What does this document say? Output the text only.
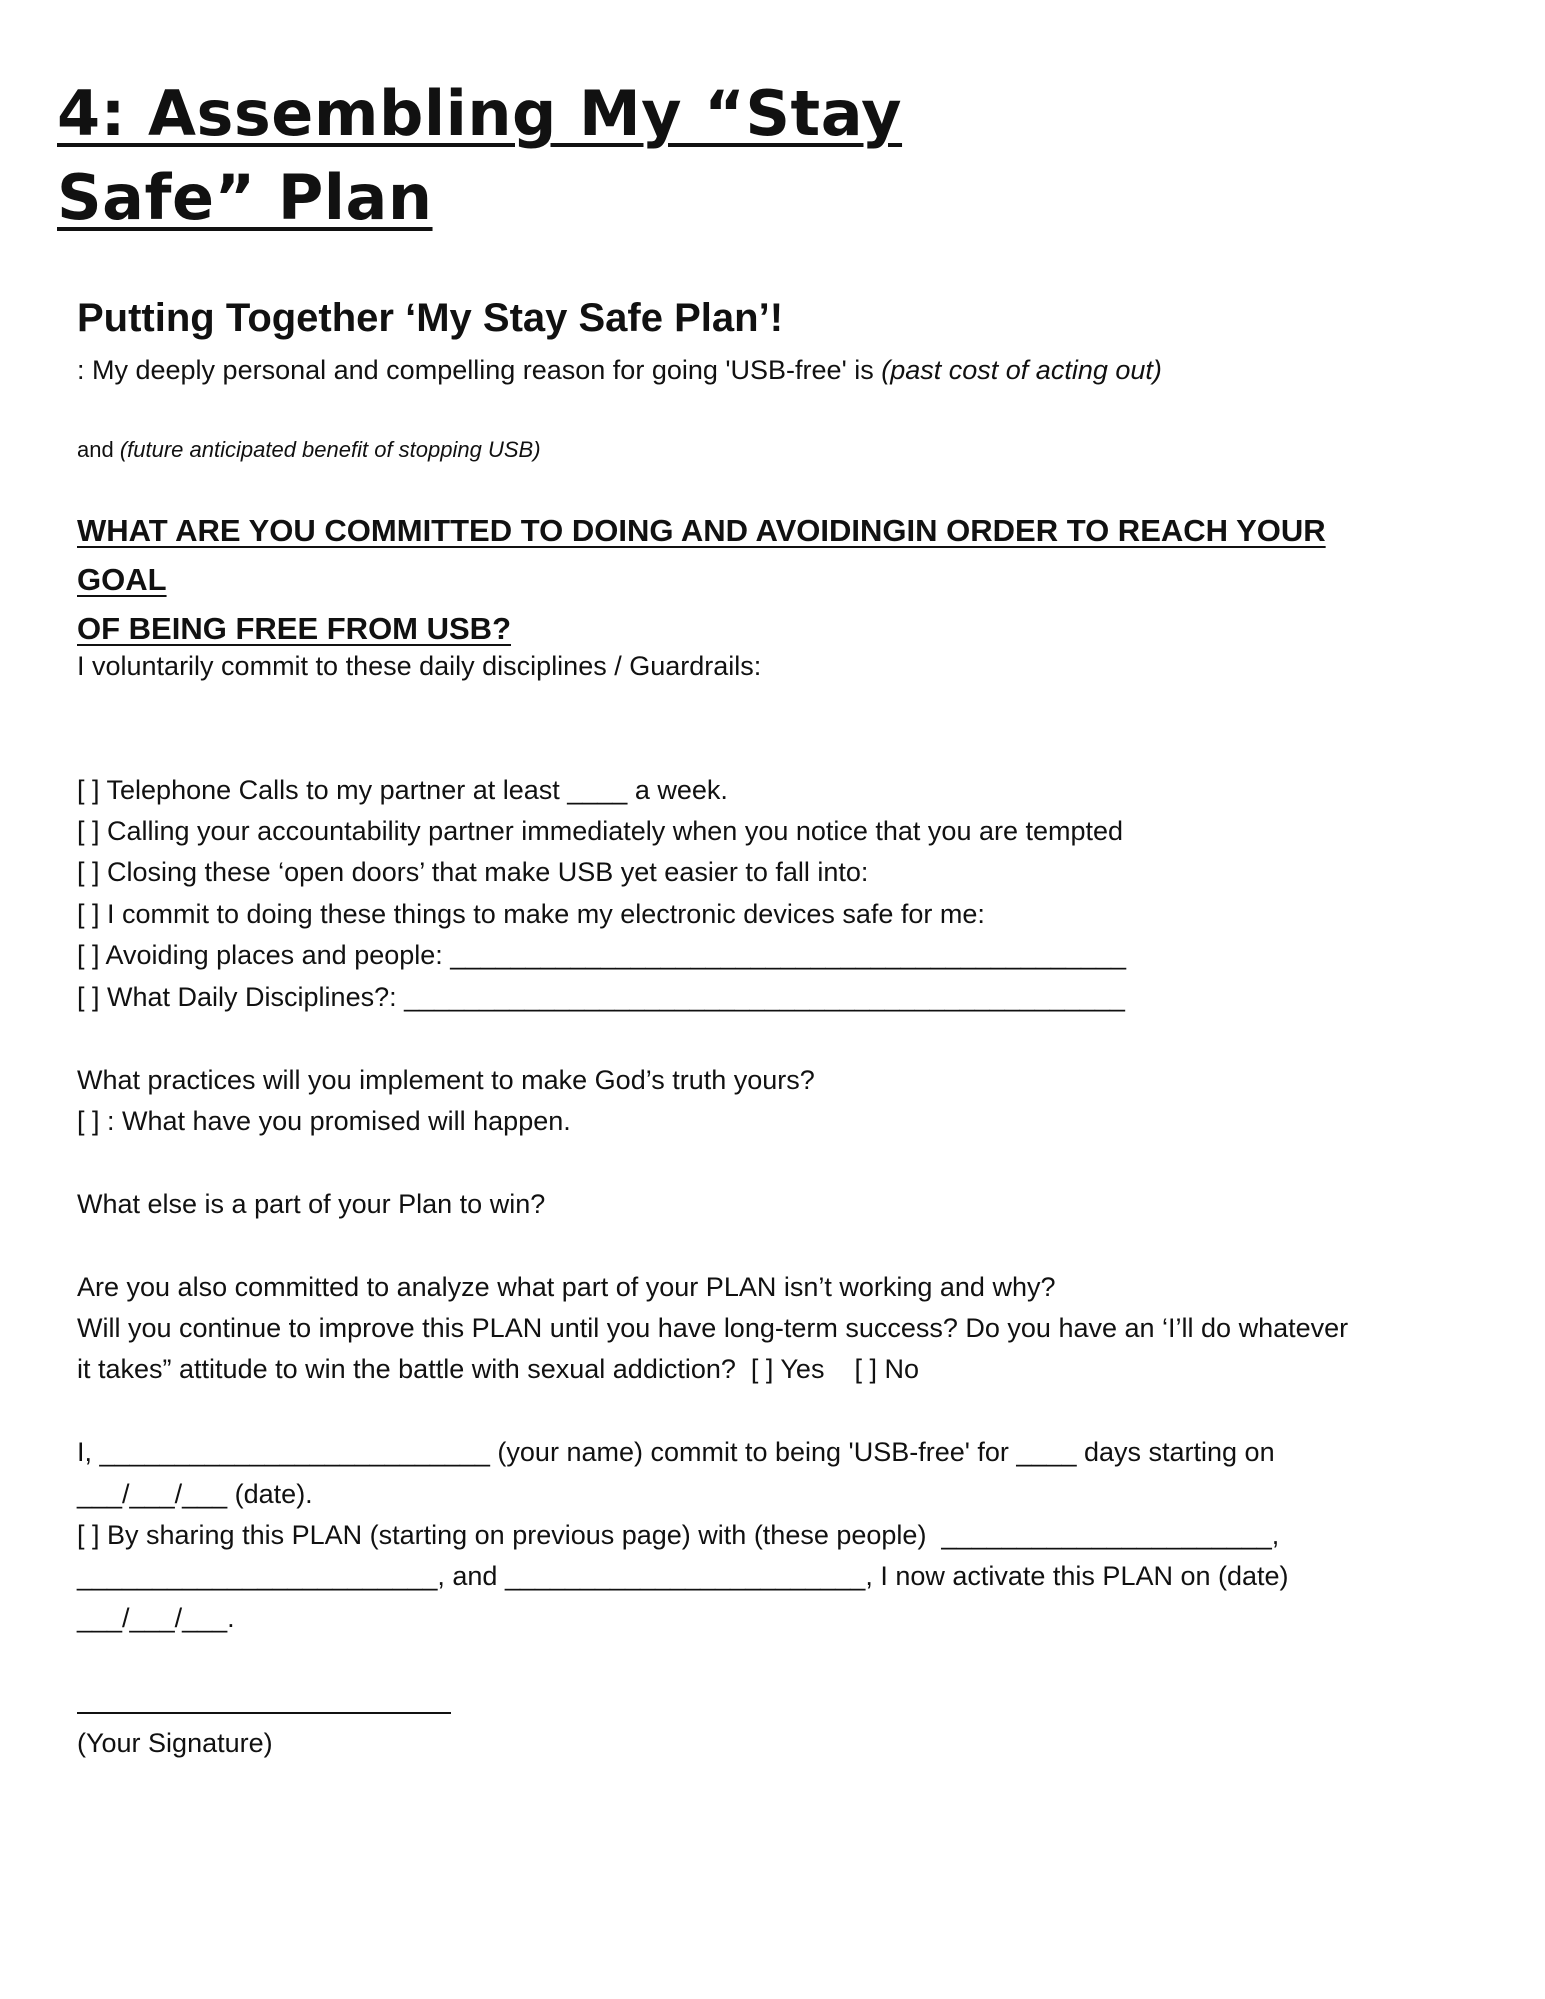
4: Assembling My “Stay
Safe” Plan
Putting Together ‘My Stay Safe Plan’!

: My deeply personal and compelling reason for going 'USB-free' is (past cost of acting out)

and (future anticipated benefit of stopping USB)

WHAT ARE YOU COMMITTED TO DOING AND AVOIDINGIN ORDER TO REACH YOUR GOAL
OF BEING FREE FROM USB?

I voluntarily commit to these daily disciplines / Guardrails:

[ ] Telephone Calls to my partner at least ____ a week.

[ ] Calling your accountability partner immediately when you notice that you are tempted

[ ] Closing these ‘open doors’ that make USB yet easier to fall into:

[ ] I commit to doing these things to make my electronic devices safe for me:

[ ] Avoiding places and people: _____________________________________________

[ ] What Daily Disciplines?: ________________________________________________

What practices will you implement to make God’s truth yours?

[ ] : What have you promised will happen.

What else is a part of your Plan to win?

Are you also committed to analyze what part of your PLAN isn’t working and why?

Will you continue to improve this PLAN until you have long-term success? Do you have an ‘I’ll do whatever

it takes” attitude to win the battle with sexual addiction?  [ ] Yes    [ ] No

I, __________________________ (your name) commit to being 'USB-free' for ____ days starting on

___/___/___ (date).

[ ] By sharing this PLAN (starting on previous page) with (these people)  ______________________,

________________________, and ________________________, I now activate this PLAN on (date)

___/___/___.

(Your Signature)
